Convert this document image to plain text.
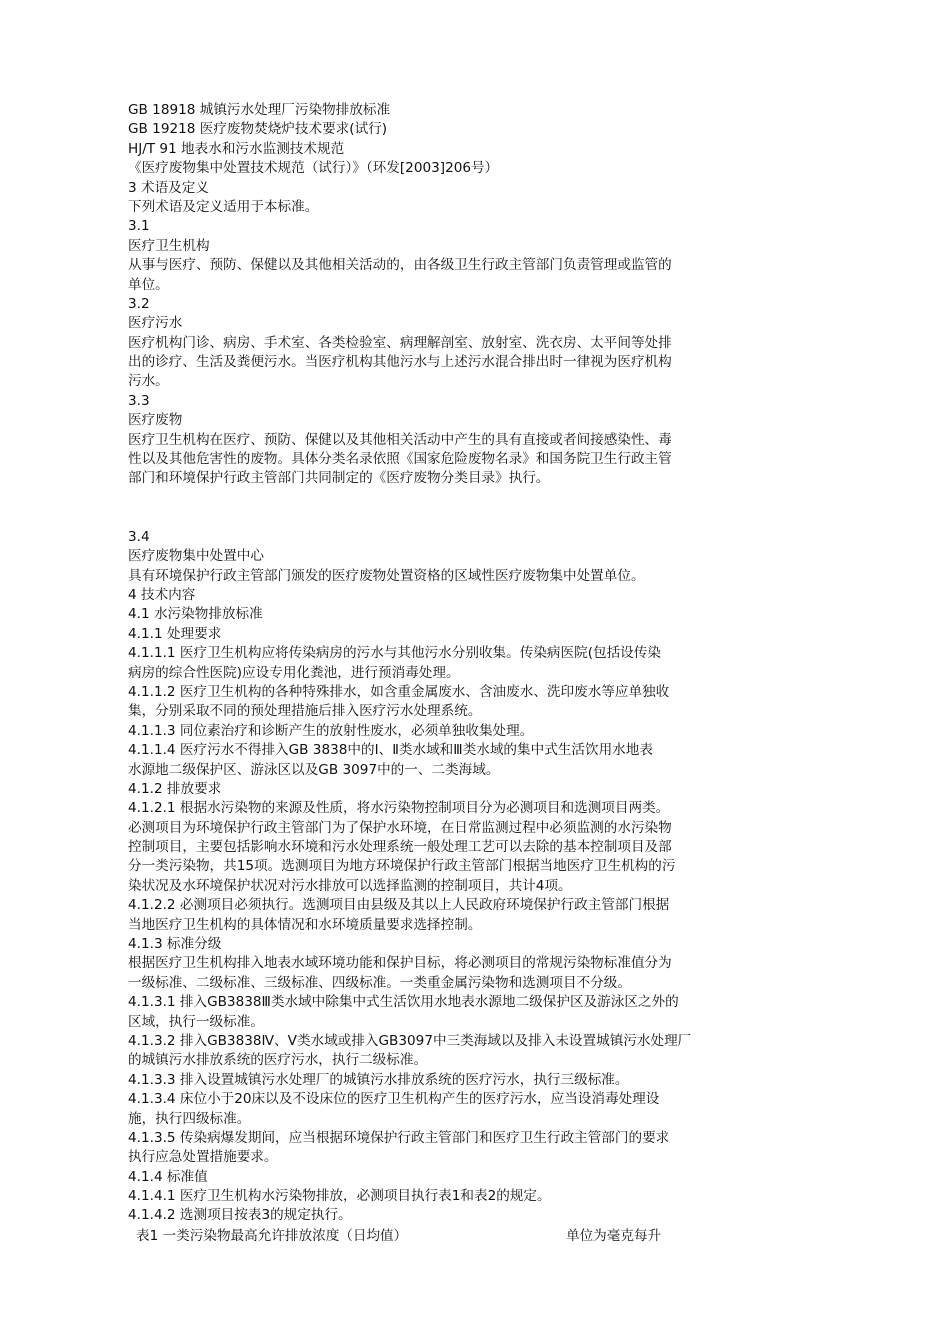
GB 18918 城镇污水处理厂污染物排放标准
GB 19218 医疗废物焚烧炉技术要求(试行)
HJ/T 91 地表水和污水监测技术规范
《医疗废物集中处置技术规范（试行）》（环发[2003]206号）
3 术语及定义
下列术语及定义适用于本标准。
3.1
医疗卫生机构
从事与医疗、预防、保健以及其他相关活动的，由各级卫生行政主管部门负责管理或监管的
单位。
3.2
医疗污水
医疗机构门诊、病房、手术室、各类检验室、病理解剖室、放射室、洗衣房、太平间等处排
出的诊疗、生活及粪便污水。当医疗机构其他污水与上述污水混合排出时一律视为医疗机构
污水。
3.3
医疗废物
医疗卫生机构在医疗、预防、保健以及其他相关活动中产生的具有直接或者间接感染性、毒
性以及其他危害性的废物。具体分类名录依照《国家危险废物名录》和国务院卫生行政主管
部门和环境保护行政主管部门共同制定的《医疗废物分类目录》执行。
3.4
医疗废物集中处置中心
具有环境保护行政主管部门颁发的医疗废物处置资格的区域性医疗废物集中处置单位。
4 技术内容
4.1 水污染物排放标准
4.1.1 处理要求
4.1.1.1 医疗卫生机构应将传染病房的污水与其他污水分别收集。传染病医院(包括设传染
病房的综合性医院)应设专用化粪池，进行预消毒处理。
4.1.1.2 医疗卫生机构的各种特殊排水，如含重金属废水、含油废水、洗印废水等应单独收
集，分别采取不同的预处理措施后排入医疗污水处理系统。
4.1.1.3 同位素治疗和诊断产生的放射性废水，必须单独收集处理。
4.1.1.4 医疗污水不得排入GB 3838中的Ⅰ、Ⅱ类水域和Ⅲ类水域的集中式生活饮用水地表
水源地二级保护区、游泳区以及GB 3097中的一、二类海域。
4.1.2 排放要求
4.1.2.1 根据水污染物的来源及性质，将水污染物控制项目分为必测项目和选测项目两类。
必测项目为环境保护行政主管部门为了保护水环境，在日常监测过程中必须监测的水污染物
控制项目，主要包括影响水环境和污水处理系统一般处理工艺可以去除的基本控制项目及部
分一类污染物，共15项。选测项目为地方环境保护行政主管部门根据当地医疗卫生机构的污
染状况及水环境保护状况对污水排放可以选择监测的控制项目，共计4项。
4.1.2.2 必测项目必须执行。选测项目由县级及其以上人民政府环境保护行政主管部门根据
当地医疗卫生机构的具体情况和水环境质量要求选择控制。
4.1.3 标准分级
根据医疗卫生机构排入地表水域环境功能和保护目标，将必测项目的常规污染物标准值分为
一级标准、二级标准、三级标准、四级标准。一类重金属污染物和选测项目不分级。
4.1.3.1 排入GB3838Ⅲ类水域中除集中式生活饮用水地表水源地二级保护区及游泳区之外的
区域，执行一级标准。
4.1.3.2 排入GB3838Ⅳ、Ⅴ类水域或排入GB3097中三类海域以及排入未设置城镇污水处理厂
的城镇污水排放系统的医疗污水，执行二级标准。
4.1.3.3 排入设置城镇污水处理厂的城镇污水排放系统的医疗污水，执行三级标准。
4.1.3.4 床位小于20床以及不设床位的医疗卫生机构产生的医疗污水，应当设消毒处理设
施，执行四级标准。
4.1.3.5 传染病爆发期间，应当根据环境保护行政主管部门和医疗卫生行政主管部门的要求
执行应急处置措施要求。
4.1.4 标准值
4.1.4.1 医疗卫生机构水污染物排放，必测项目执行表1和表2的规定。
4.1.4.2 选测项目按表3的规定执行。
表1 一类污染物最高允许排放浓度（日均值）	单位为毫克每升
